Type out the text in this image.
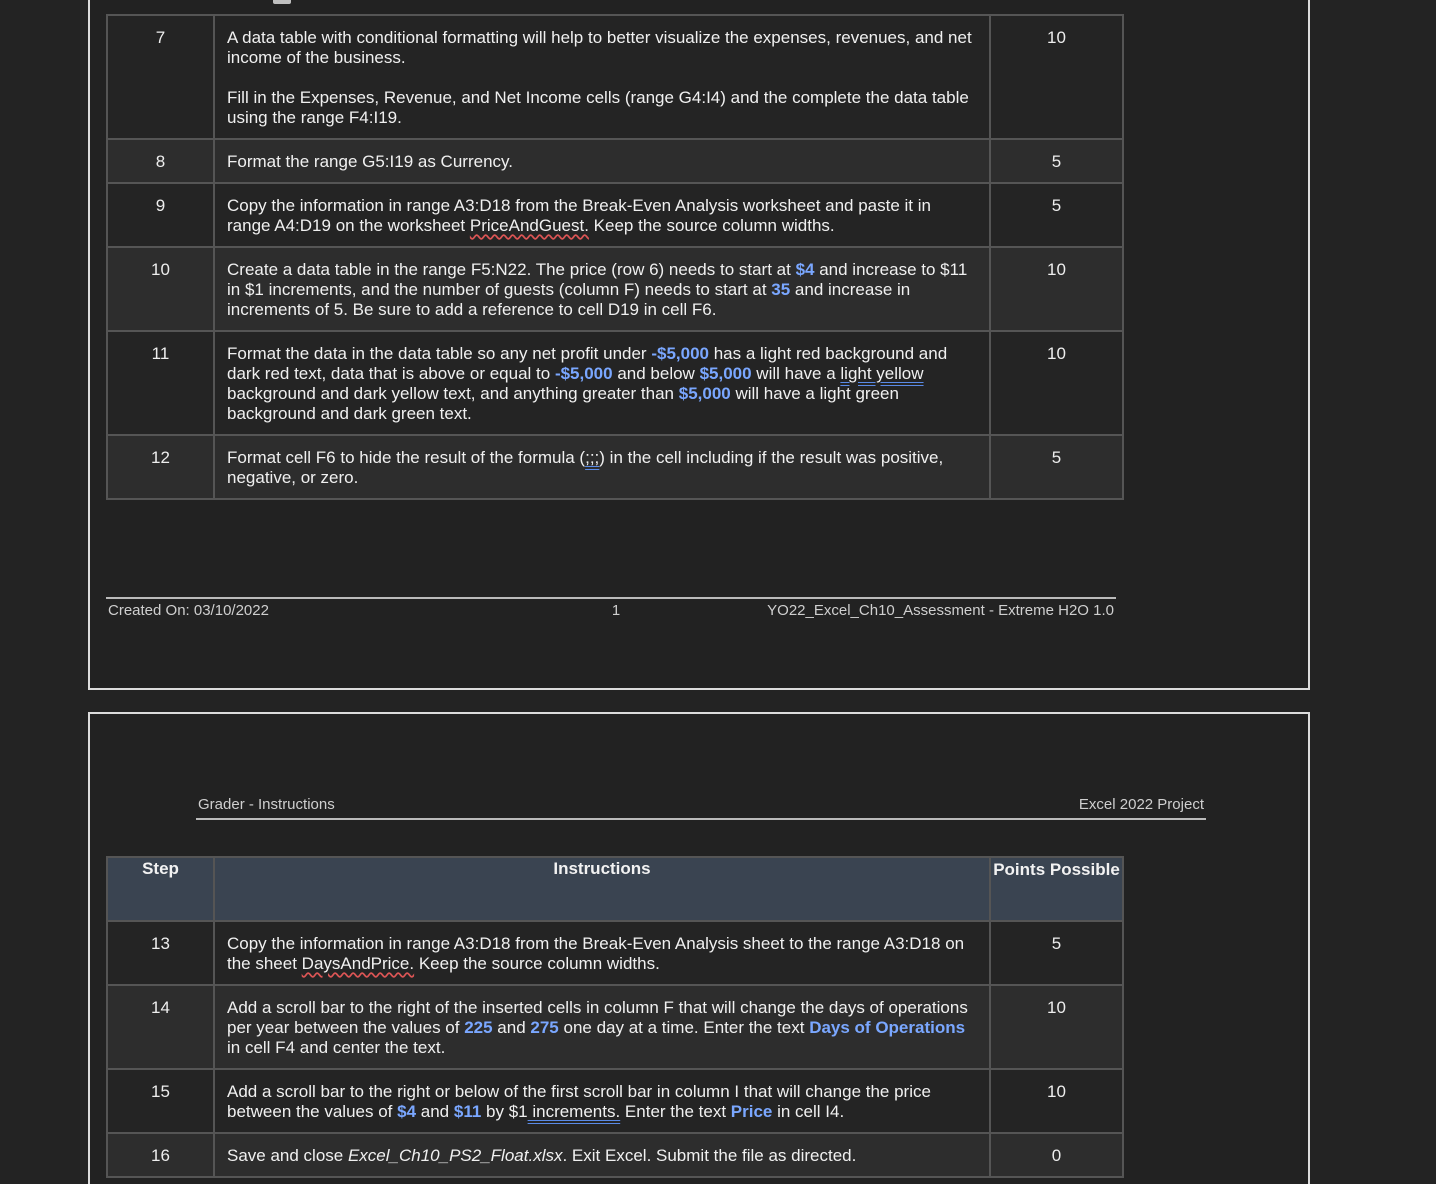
7	A data table with conditional formatting will help to better visualize the expenses, revenues, and net income of the business.
Fill in the Expenses, Revenue, and Net Income cells (range G4:I4) and the complete the data table using the range F4:I19.	10
8	Format the range G5:I19 as Currency.	5
9	Copy the information in range A3:D18 from the Break-Even Analysis worksheet and paste it in range A4:D19 on the worksheet PriceAndGuest. Keep the source column widths.	5
10	Create a data table in the range F5:N22. The price (row 6) needs to start at $4 and increase to $11 in $1 increments, and the number of guests (column F) needs to start at 35 and increase in increments of 5. Be sure to add a reference to cell D19 in cell F6.	10
11	Format the data in the data table so any net profit under -$5,000 has a light red background and dark red text, data that is above or equal to -$5,000 and below $5,000 will have a light yellow background and dark yellow text, and anything greater than $5,000 will have a light green background and dark green text.	10
12	Format cell F6 to hide the result of the formula (;;;) in the cell including if the result was positive, negative, or zero.	5
Created On: 03/10/2022	1	YO22_Excel_Ch10_Assessment - Extreme H2O 1.0
Grader - Instructions	Excel 2022 Project
Step	Instructions	Points Possible
13	Copy the information in range A3:D18 from the Break-Even Analysis sheet to the range A3:D18 on the sheet DaysAndPrice. Keep the source column widths.	5
14	Add a scroll bar to the right of the inserted cells in column F that will change the days of operations per year between the values of 225 and 275 one day at a time. Enter the text Days of Operations in cell F4 and center the text.	10
15	Add a scroll bar to the right or below of the first scroll bar in column I that will change the price between the values of $4 and $11 by $1 increments. Enter the text Price in cell I4.	10
16	Save and close Excel_Ch10_PS2_Float.xlsx. Exit Excel. Submit the file as directed.	0
